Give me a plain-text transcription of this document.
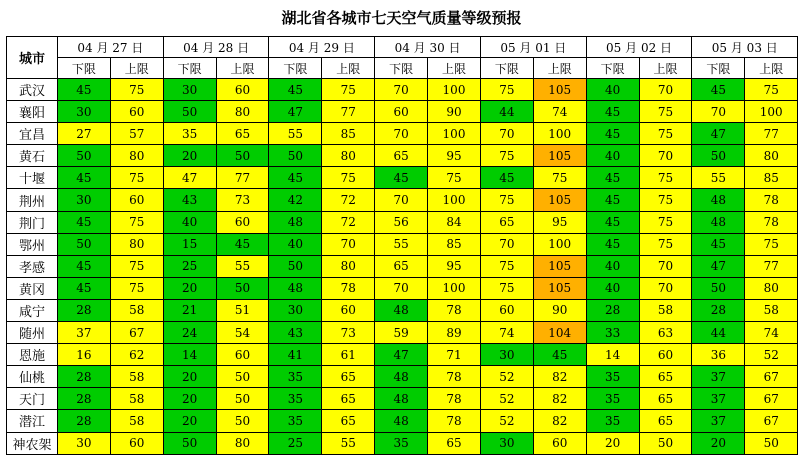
湖北省各城市七天空气质量等级预报
城市	04 月 27 日		04 月 28 日		04 月 29 日		04 月 30 日		05 月 01 日		05 月 02 日		05 月 03 日	
	下限	上限	下限	上限	下限	上限	下限	上限	下限	上限	下限	上限	下限	上限
武汉	45	75	30	60	45	75	70	100	75	105	40	70	45	75
襄阳	30	60	50	80	47	77	60	90	44	74	45	75	70	100
宜昌	27	57	35	65	55	85	70	100	70	100	45	75	47	77
黄石	50	80	20	50	50	80	65	95	75	105	40	70	50	80
十堰	45	75	47	77	45	75	45	75	45	75	45	75	55	85
荆州	30	60	43	73	42	72	70	100	75	105	45	75	48	78
荆门	45	75	40	60	48	72	56	84	65	95	45	75	48	78
鄂州	50	80	15	45	40	70	55	85	70	100	45	75	45	75
孝感	45	75	25	55	50	80	65	95	75	105	40	70	47	77
黄冈	45	75	20	50	48	78	70	100	75	105	40	70	50	80
咸宁	28	58	21	51	30	60	48	78	60	90	28	58	28	58
随州	37	67	24	54	43	73	59	89	74	104	33	63	44	74
恩施	16	62	14	60	41	61	47	71	30	45	14	60	36	52
仙桃	28	58	20	50	35	65	48	78	52	82	35	65	37	67
天门	28	58	20	50	35	65	48	78	52	82	35	65	37	67
潜江	28	58	20	50	35	65	48	78	52	82	35	65	37	67
神农架	30	60	50	80	25	55	35	65	30	60	20	50	20	50
